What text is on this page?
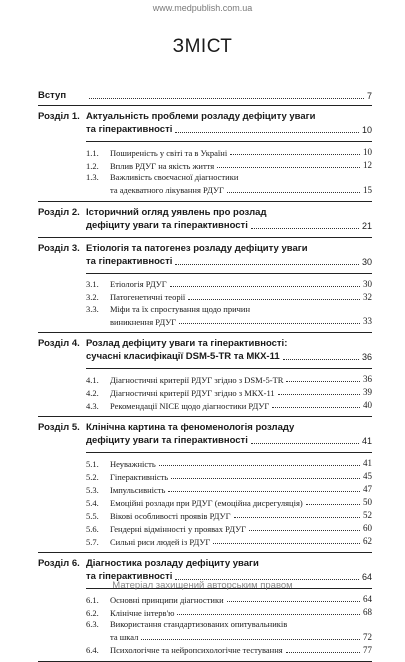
www.medpublish.com.ua
ЗМІСТ
Вступ	7
Розділ 1. Актуальність проблеми розладу дефіциту уваги
та гіперактивності	10
1.1.	Поширеність у світі та в Україні	10
1.2.	Вплив РДУГ на якість життя	12
1.3.	Важливість своєчасної діагностики
та адекватного лікування РДУГ	15
Розділ 2. Історичний огляд уявлень про розлад
дефіциту уваги та гіперактивності	21
Розділ 3. Етіологія та патогенез розладу дефіциту уваги
та гіперактивності	30
3.1.	Етіологія РДУГ	30
3.2.	Патогенетичні теорії	32
3.3.	Міфи та їх спростування щодо причин
виникнення РДУГ	33
Розділ 4. Розлад дефіциту уваги та гіперактивності:
сучасні класифікації DSM-5-TR та МКХ-11	36
4.1.	Діагностичні критерії РДУГ згідно з DSM-5-TR	36
4.2.	Діагностичні критерії РДУГ згідно з МКХ-11	39
4.3.	Рекомендації NICE щодо діагностики РДУГ	40
Розділ 5. Клінічна картина та феноменологія розладу
дефіциту уваги та гіперактивності	41
5.1.	Неуважність	41
5.2.	Гіперактивність	45
5.3.	Імпульсивність	47
5.4.	Емоційні розлади при РДУГ (емоційна дисрегуляція)	50
5.5.	Вікові особливості проявів РДУГ	52
5.6.	Гендерні відмінності у проявах РДУГ	60
5.7.	Сильні риси людей із РДУГ	62
Розділ 6. Діагностика розладу дефіциту уваги
та гіперактивності	64
6.1.	Основні принципи діагностики	64
6.2.	Клінічне інтерв'ю	68
6.3.	Використання стандартизованих опитувальників
та шкал	72
6.4.	Психологічне та нейропсихологічне тестування	77
Матеріал захищений авторським правом
